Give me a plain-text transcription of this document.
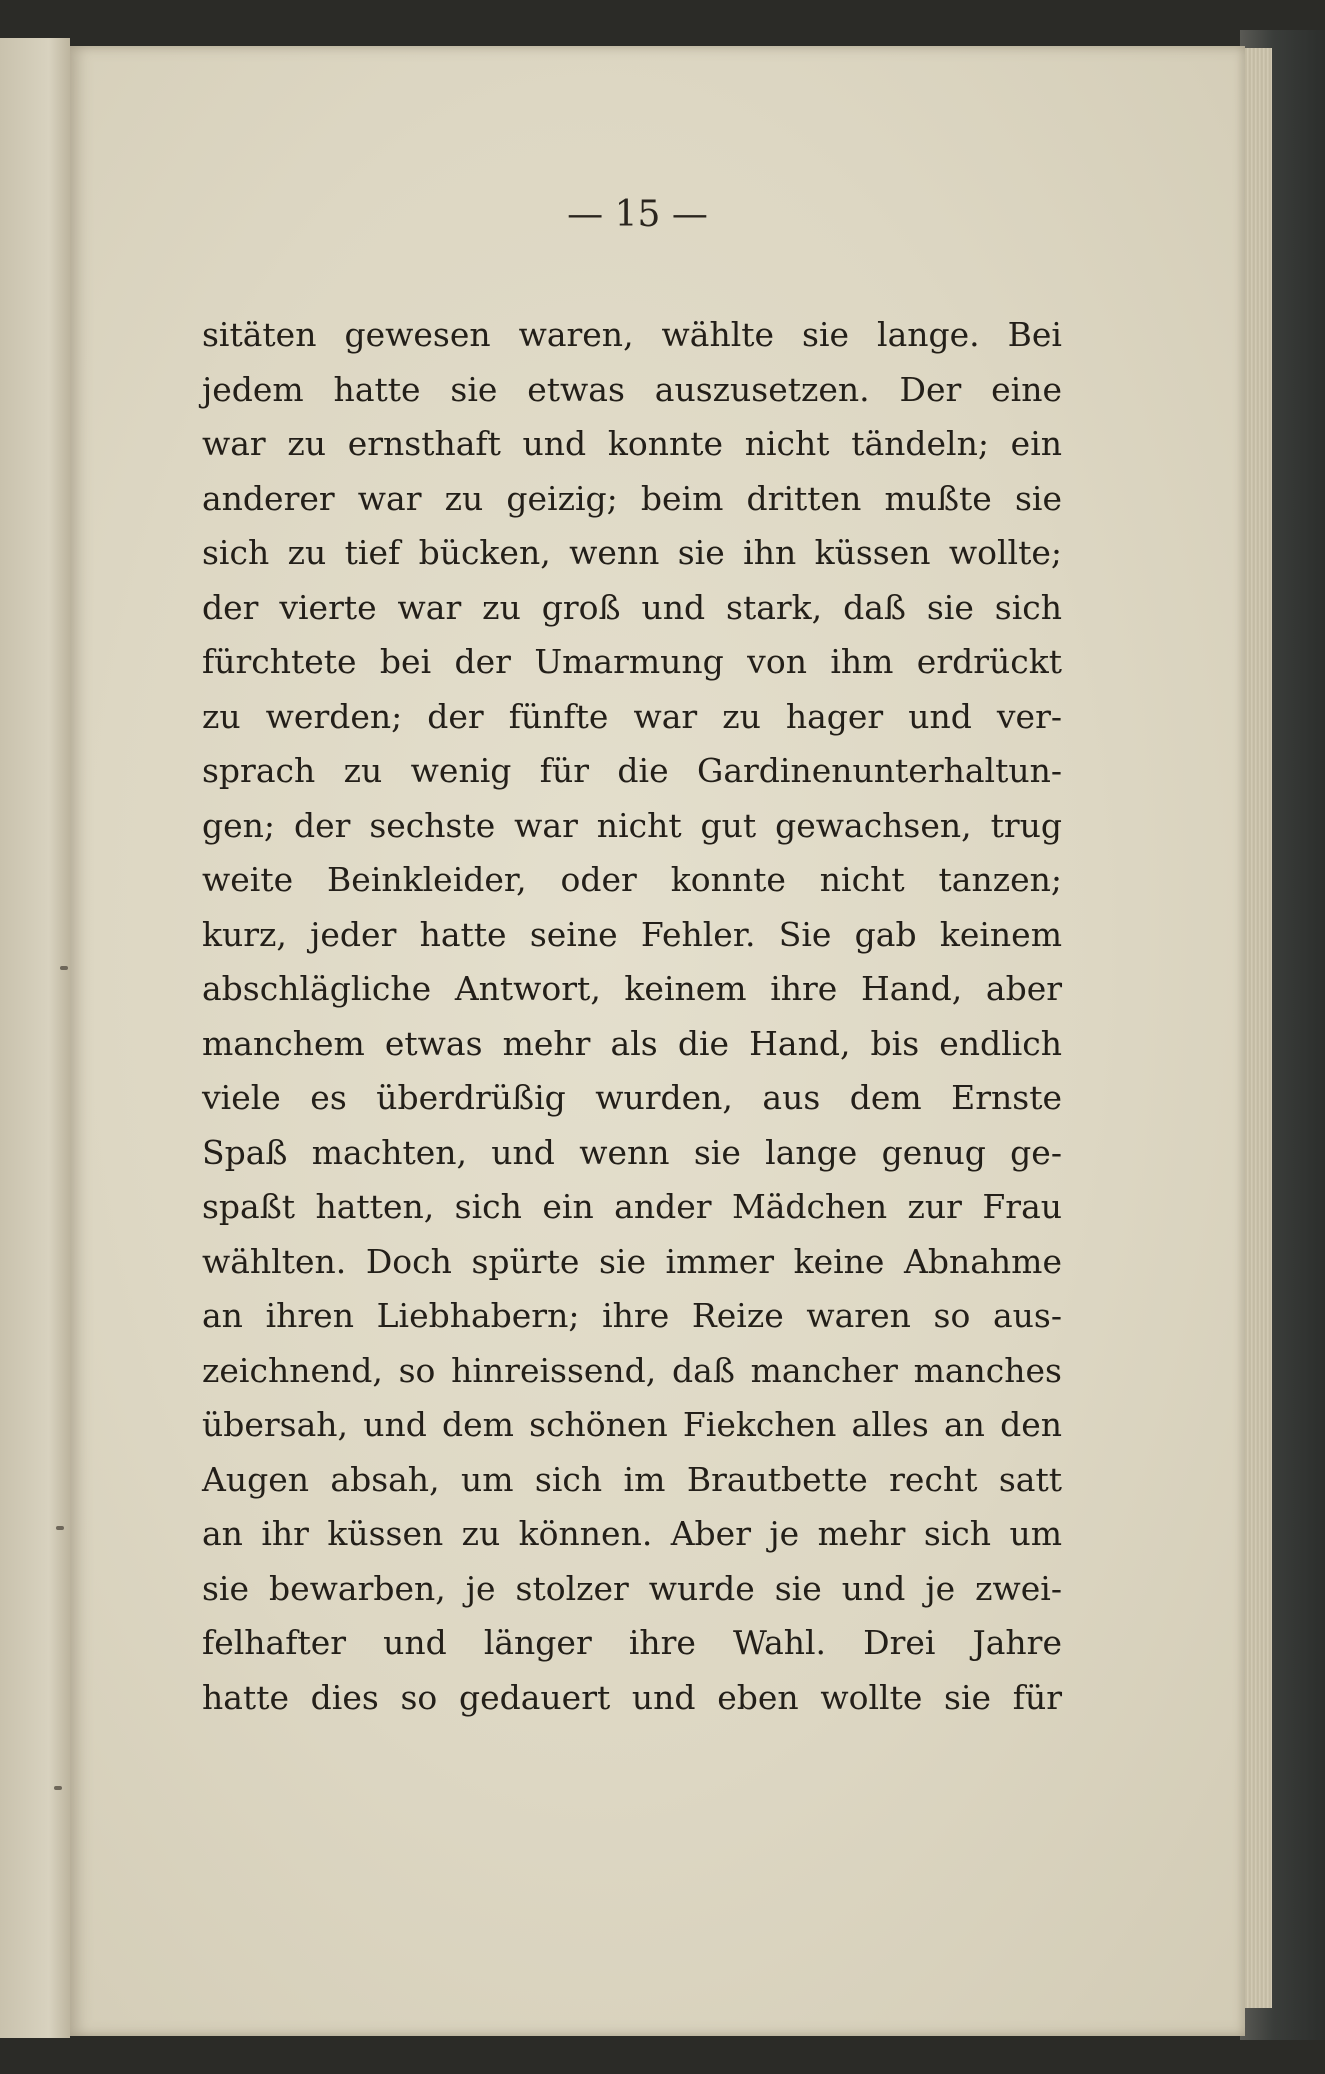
— 15 —
sitäten gewesen waren, wählte sie lange. Bei
jedem hatte sie etwas auszusetzen. Der eine
war zu ernsthaft und konnte nicht tändeln; ein
anderer war zu geizig; beim dritten mußte sie
sich zu tief bücken, wenn sie ihn küssen wollte;
der vierte war zu groß und stark, daß sie sich
fürchtete bei der Umarmung von ihm erdrückt
zu werden; der fünfte war zu hager und ver-
sprach zu wenig für die Gardinenunterhaltun-
gen; der sechste war nicht gut gewachsen, trug
weite Beinkleider, oder konnte nicht tanzen;
kurz, jeder hatte seine Fehler. Sie gab keinem
abschlägliche Antwort, keinem ihre Hand, aber
manchem etwas mehr als die Hand, bis endlich
viele es überdrüßig wurden, aus dem Ernste
Spaß machten, und wenn sie lange genug ge-
spaßt hatten, sich ein ander Mädchen zur Frau
wählten. Doch spürte sie immer keine Abnahme
an ihren Liebhabern; ihre Reize waren so aus-
zeichnend, so hinreissend, daß mancher manches
übersah, und dem schönen Fiekchen alles an den
Augen absah, um sich im Brautbette recht satt
an ihr küssen zu können. Aber je mehr sich um
sie bewarben, je stolzer wurde sie und je zwei-
felhafter und länger ihre Wahl. Drei Jahre
hatte dies so gedauert und eben wollte sie für
